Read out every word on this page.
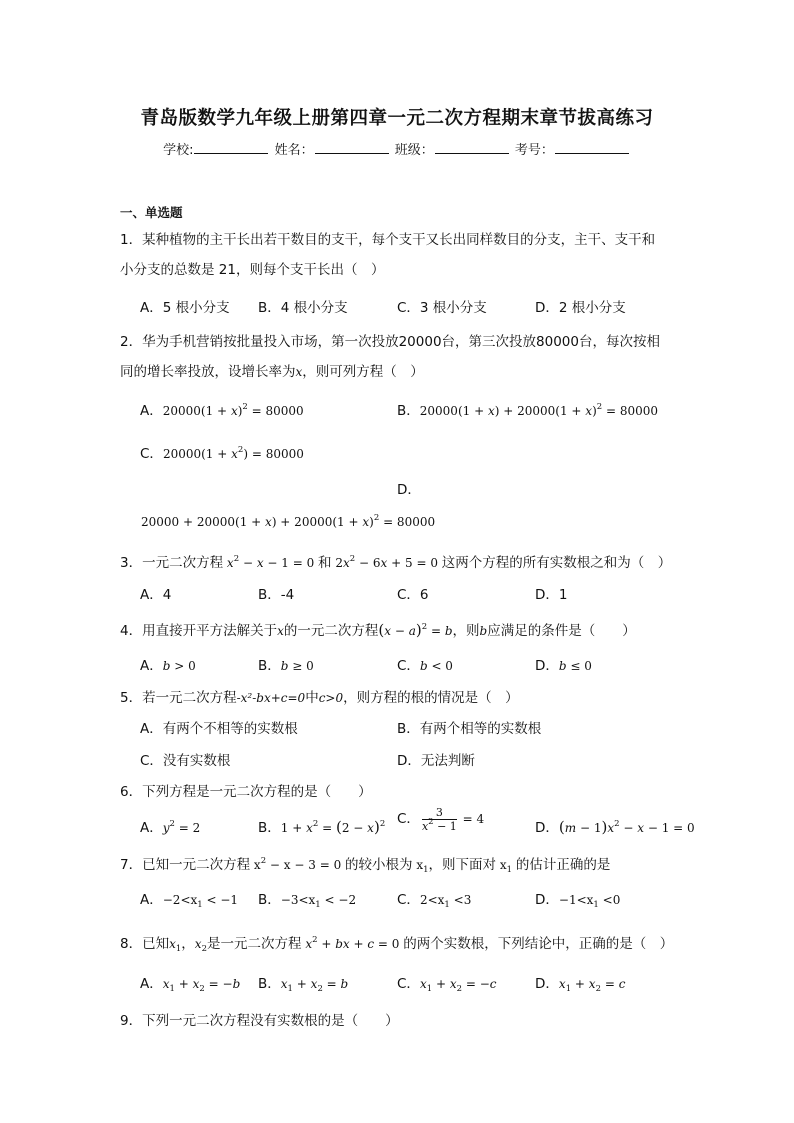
青岛版数学九年级上册第四章一元二次方程期末章节拔高练习
学校:	姓名：	班级：	考号：
一、单选题
1．某种植物的主干长出若干数目的支干，每个支干又长出同样数目的分支，主干、支干和
小分支的总数是 21，则每个支干长出（　）
A．5 根小分支 B．4 根小分支	C．3 根小分支	D．2 根小分支
2．华为手机营销按批量投入市场，第一次投放20000台，第三次投放80000台，每次按相
同的增长率投放，设增长率为x，则可列方程（　）
A．$20000(1 + x)^2 = 80000$	B．$20000(1 + x) + 20000(1 + x)^2 = 80000$
C．$20000(1 + x^2) = 80000$
D．
$20000 + 20000(1 + x) + 20000(1 + x)^2 = 80000$
3．一元二次方程 $x^2 - x - 1 = 0$ 和 $2x^2 - 6x + 5 = 0$ 这两个方程的所有实数根之和为（　）
A．4	B．-4	C．6	D．1
4．用直接开平方法解关于x的一元二次方程$(x - a)^2 = b$，则b应满足的条件是（　　）
A．b > 0	B．b ≥ 0	C．b < 0	D．b ≤ 0
5．若一元二次方程-x²-bx+c=0中c>0，则方程的根的情况是（　）
A．有两个不相等的实数根	B．有两个相等的实数根
C．没有实数根	D．无法判断
6．下列方程是一元二次方程的是（　　）
A．$y^2 = 2$	B．$1 + x^2 = (2 - x)^2$ C． $\frac{3}{x^2 - 1} = 4$
D．$(m - 1)x^2 - x - 1 = 0$
7．已知一元二次方程 $x^2 - x - 3 = 0$ 的较小根为 $x_1$，则下面对 $x_1$ 的估计正确的是
A．$-2<x_1 < -1$ B．$-3<x_1 < -2$	C．$2<x_1 <3$	D．$-1<x_1 <0$
8．已知$x_1$，$x_2$是一元二次方程 $x^2$ + bx + c = 0 的两个实数根，下列结论中，正确的是（　）
A．$x_1 + x_2 = -b$ B．$x_1 + x_2 = b$	C．$x_1 + x_2 = -c$	D．$x_1 + x_2 = c$
9．下列一元二次方程没有实数根的是（　　）
